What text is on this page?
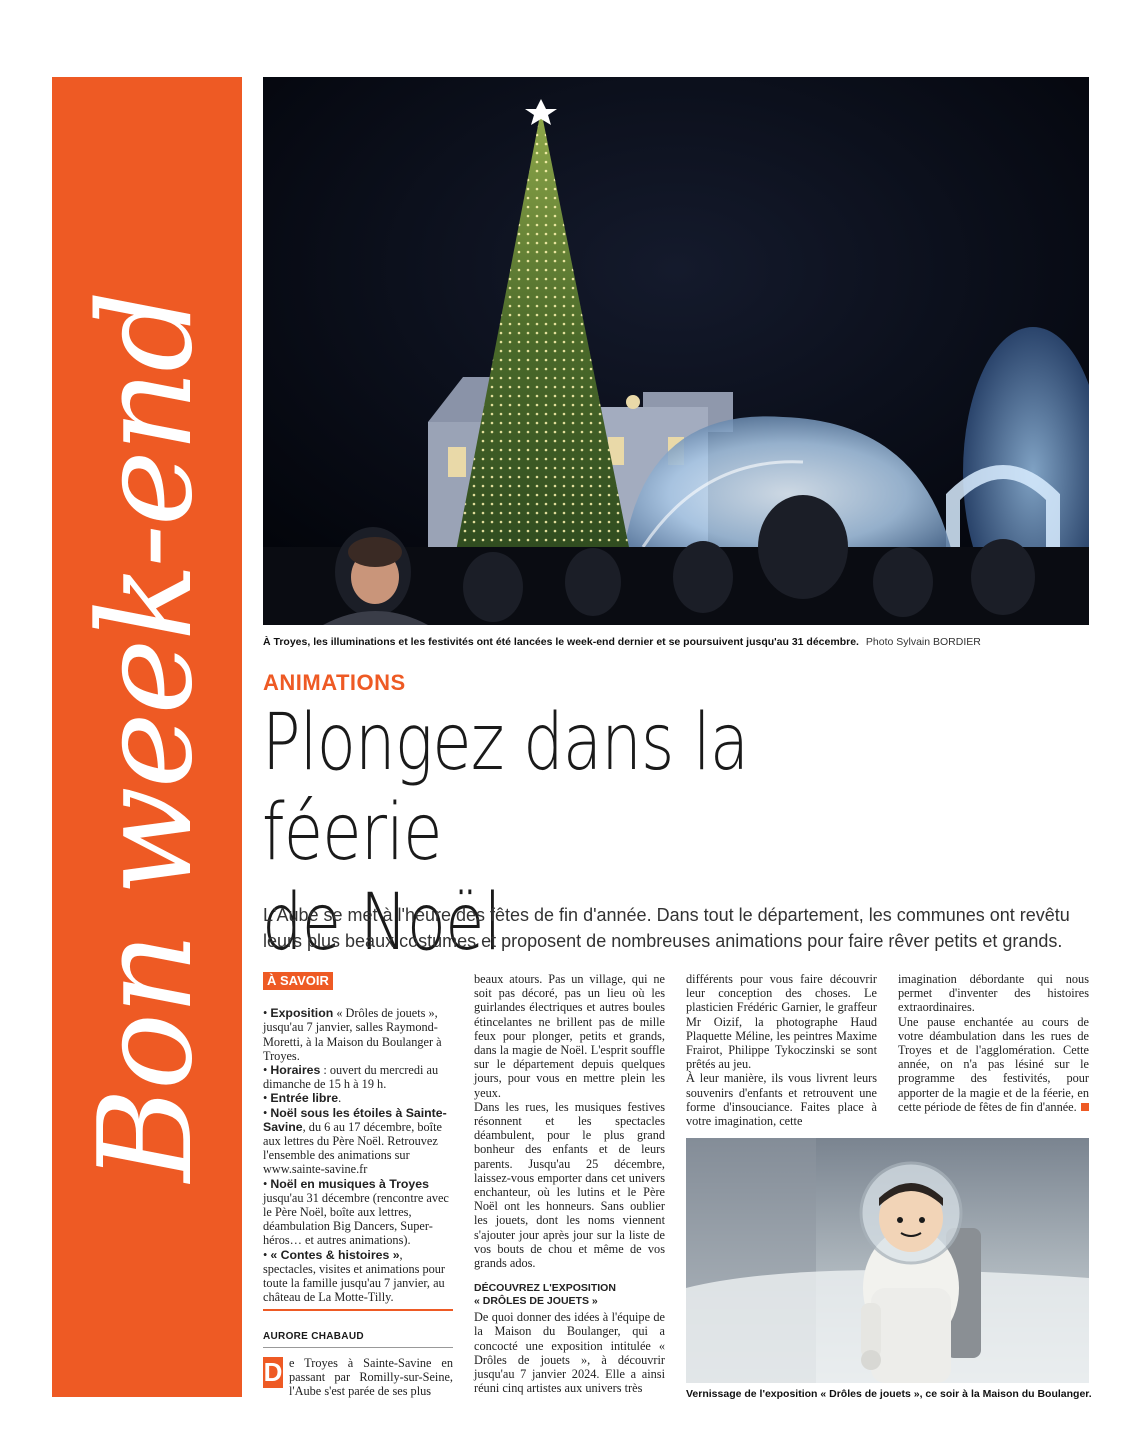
Bon week-end	À Troyes, les illuminations et les festivités ont été lancées le week-end dernier et se poursuivent jusqu'au 31 décembre. Photo Sylvain BORDIER
ANIMATIONS
Plongez dans la féerie
de Noël
L'Aube se met à l'heure des fêtes de fin d'année. Dans tout le département, les communes ont revêtu leurs plus beaux costumes et proposent de nombreuses animations pour faire rêver petits et grands.
À SAVOIR
• Exposition « Drôles de jouets », jusqu'au 7 janvier, salles Raymond-Moretti, à la Maison du Boulanger à Troyes.
• Horaires : ouvert du mercredi au dimanche de 15 h à 19 h.
• Entrée libre.
• Noël sous les étoiles à Sainte-Savine, du 6 au 17 décembre, boîte aux lettres du Père Noël. Retrouvez l'ensemble des animations sur www.sainte-savine.fr
• Noël en musiques à Troyes jusqu'au 31 décembre (rencontre avec le Père Noël, boîte aux lettres, déambulation Big Dancers, Super-héros… et autres animations).
• « Contes & histoires », spectacles, visites et animations pour toute la famille jusqu'au 7 janvier, au château de La Motte-Tilly.
AURORE CHABAUD
D e Troyes à Sainte-Savine en passant par Romilly-sur-Seine, l'Aube s'est parée de ses plus

beaux atours. Pas un village, qui ne soit pas décoré, pas un lieu où les guirlandes électriques et autres boules étincelantes ne brillent pas de mille feux pour plonger, petits et grands, dans la magie de Noël. L'esprit souffle sur le département depuis quelques jours, pour vous en mettre plein les yeux.

Dans les rues, les musiques festives résonnent et les spectacles déambulent, pour le plus grand bonheur des enfants et de leurs parents. Jusqu'au 25 décembre, laissez-vous emporter dans cet univers enchanteur, où les lutins et le Père Noël ont les honneurs. Sans oublier les jouets, dont les noms viennent s'ajouter jour après jour sur la liste de vos bouts de chou et même de vos grands ados.

DÉCOUVREZ L'EXPOSITION
« DRÔLES DE JOUETS »

De quoi donner des idées à l'équipe de la Maison du Boulanger, qui a concocté une exposition intitulée « Drôles de jouets », à découvrir jusqu'au 7 janvier 2024. Elle a ainsi réuni cinq artistes aux univers très

différents pour vous faire découvrir leur conception des choses. Le plasticien Frédéric Garnier, le graffeur Mr Oizif, la photographe Haud Plaquette Méline, les peintres Maxime Frairot, Philippe Tykoczinski se sont prêtés au jeu.

À leur manière, ils vous livrent leurs souvenirs d'enfants et retrouvent une forme d'insouciance. Faites place à votre imagination, cette

imagination débordante qui nous permet d'inventer des histoires extraordinaires.

Une pause enchantée au cours de votre déambulation dans les rues de Troyes et de l'agglomération. Cette année, on n'a pas lésiné sur le programme des festivités, pour apporter de la magie et de la féerie, en cette période de fêtes de fin d'année.

Vernissage de l'exposition « Drôles de jouets », ce soir à la Maison du Boulanger.
